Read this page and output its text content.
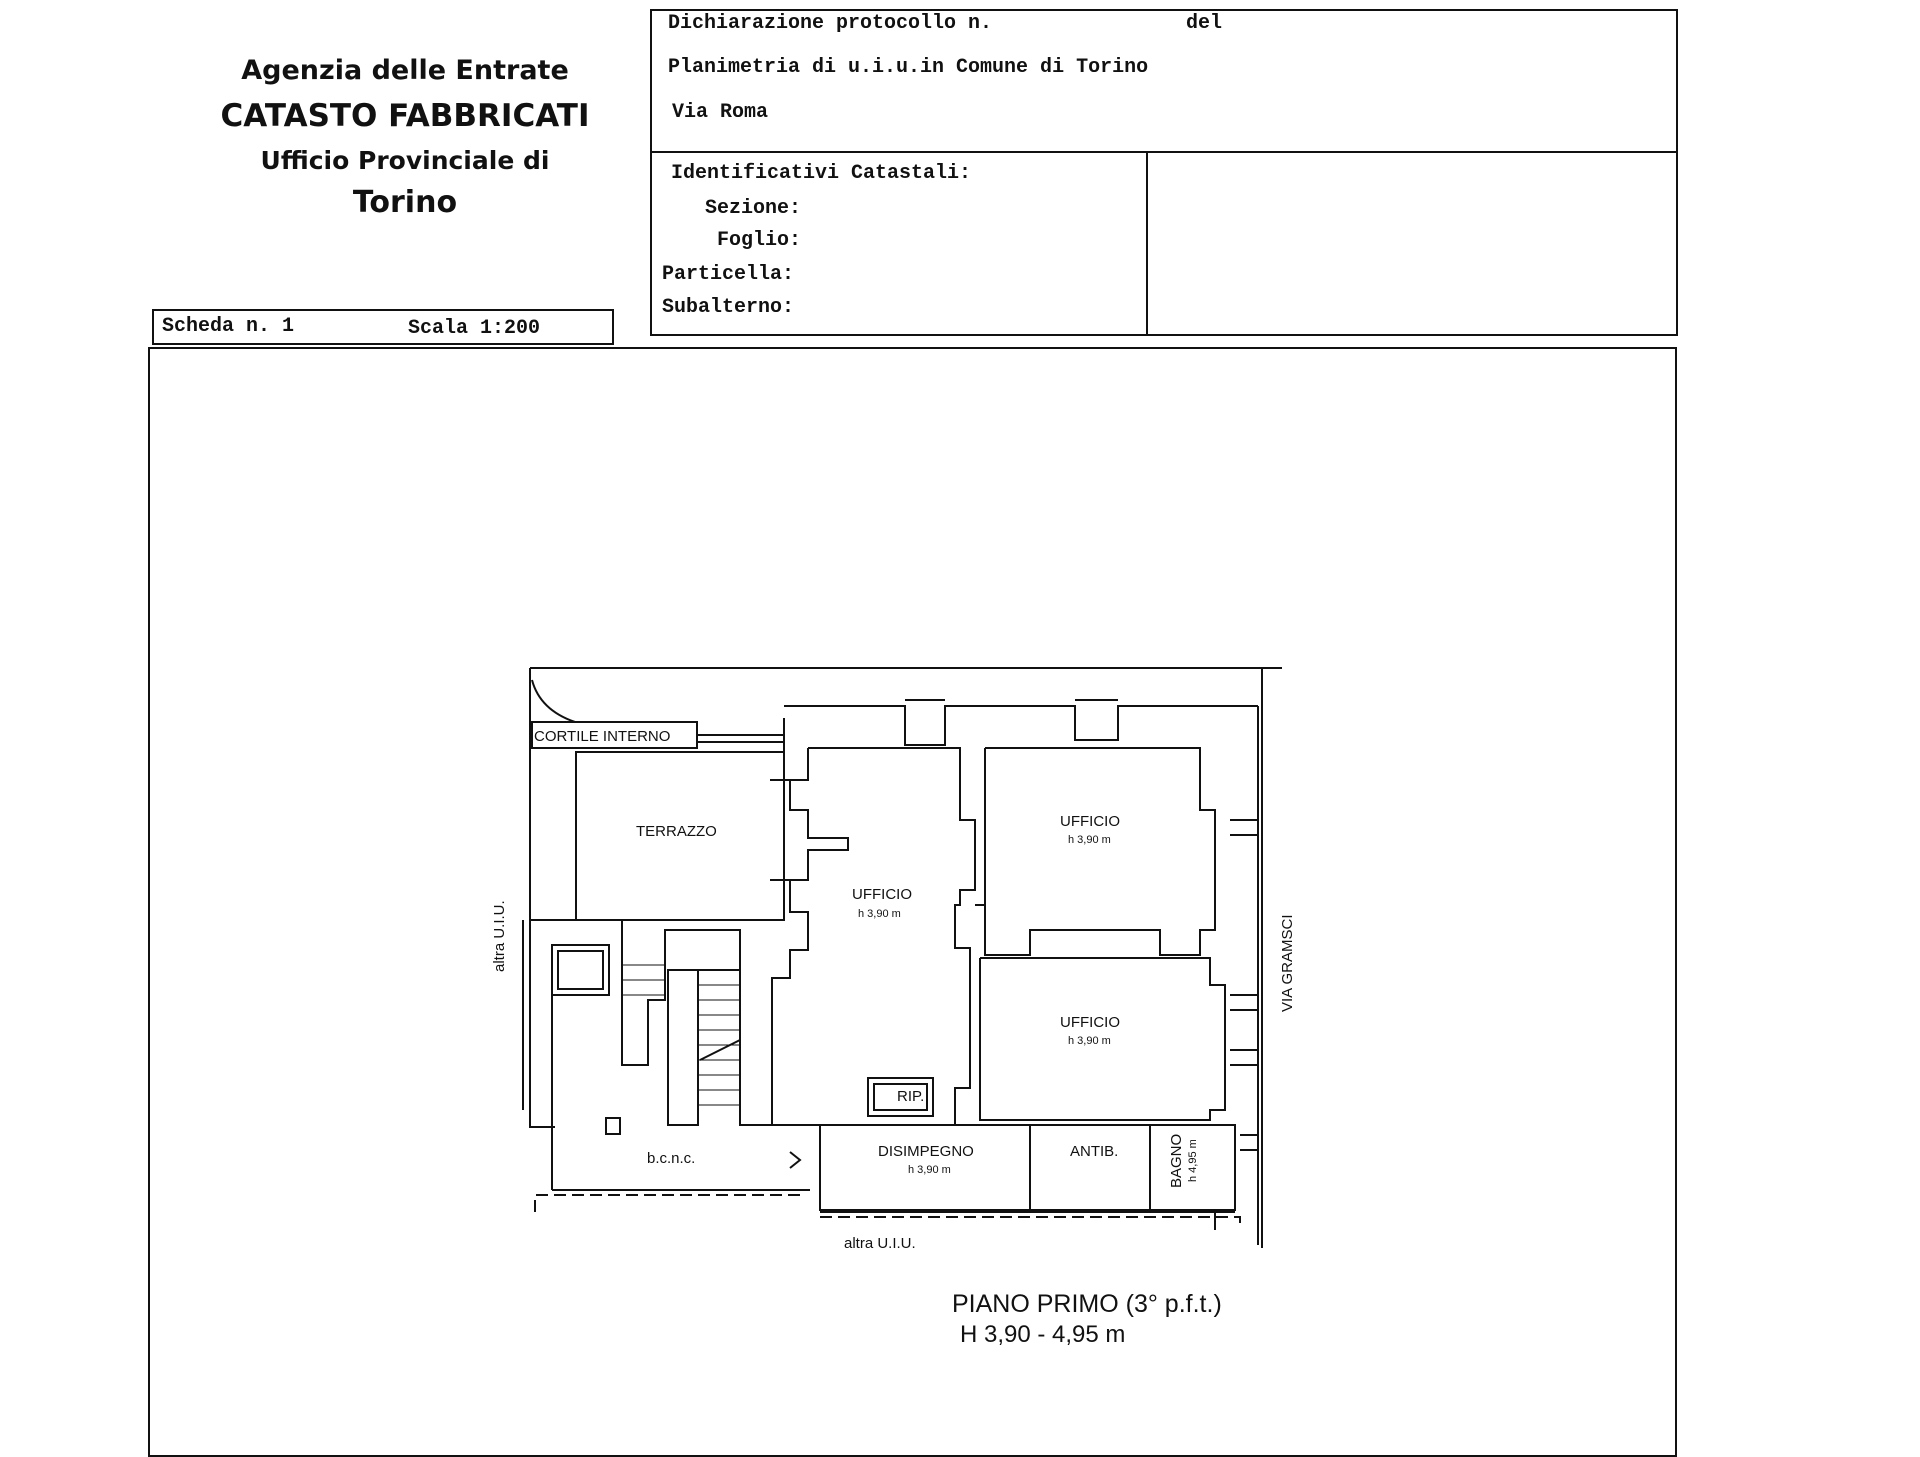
Agenzia delle Entrate
CATASTO FABBRICATI
Ufficio Provinciale di
Torino
Dichiarazione protocollo n.	del
Planimetria di u.i.u.in Comune di Torino
Via Roma
Identificativi Catastali:
Sezione:
Foglio:
Particella:
Subalterno:
Scheda n. 1	Scala 1:200
CORTILE INTERNO
TERRAZZO
UFFICIO
h 3,90 m
UFFICIO
h 3,90 m
UFFICIO
h 3,90 m
RIP.
DISIMPEGNO
h 3,90 m
ANTIB.	BAGNO h 4,95 m
b.c.n.c.
altra U.I.U.
altra U.I.U.
VIA GRAMSCI
PIANO PRIMO (3° p.f.t.)
H 3,90 - 4,95 m
